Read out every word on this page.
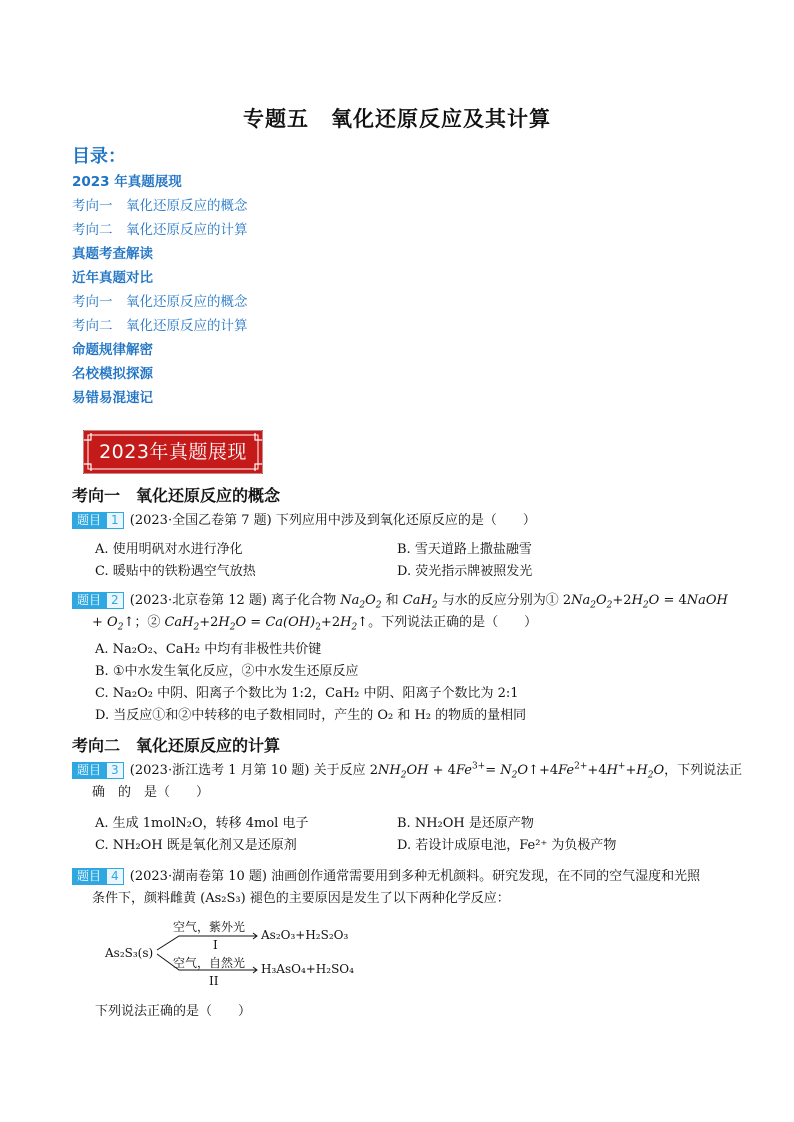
专题五　氧化还原反应及其计算
目录：
2023 年真题展现
考向一　氧化还原反应的概念
考向二　氧化还原反应的计算
真题考查解读
近年真题对比
考向一　氧化还原反应的概念
考向二　氧化还原反应的计算
命题规律解密
名校模拟探源
易错易混速记
2023年真题展现
考向一　氧化还原反应的概念
题目 1 (2023·全国乙卷第 7 题) 下列应用中涉及到氧化还原反应的是（　　）
A. 使用明矾对水进行净化	B. 雪天道路上撒盐融雪
C. 暖贴中的铁粉遇空气放热	D. 荧光指示牌被照发光
题目 2 (2023·北京卷第 12 题) 离子化合物 $Na_2O_2$ 和 CaH$_2$ 与水的反应分别为① $2Na_2O_2+2H_2O$ = 4NaOH
+ $O_2↑$；② $CaH_2+2H_2O$ = $Ca(OH)_2+2H_2↑$。下列说法正确的是（　　）
A. Na₂O₂、CaH₂ 中均有非极性共价键
B. ①中水发生氧化反应，②中水发生还原反应
C. Na₂O₂ 中阴、阳离子个数比为 1:2，CaH₂ 中阴、阳离子个数比为 2:1
D. 当反应①和②中转移的电子数相同时，产生的 O₂ 和 H₂ 的物质的量相同
考向二　氧化还原反应的计算
题目 3 (2023·浙江选考 1 月第 10 题) 关于反应 $2NH_2OH + 4Fe^{3+}=$ $N_2O↑+4Fe^{2+}+4H^++H_2O$，下列说法正
确　的　是（　　）
A. 生成 1molN₂O，转移 4mol 电子	B. NH₂OH 是还原产物
C. NH₂OH 既是氧化剂又是还原剂	D. 若设计成原电池，Fe²⁺ 为负极产物
题目 4 (2023·湖南卷第 10 题) 油画创作通常需要用到多种无机颜料。研究发现，在不同的空气湿度和光照
条件下，颜料雌黄 (As₂S₃) 褪色的主要原因是发生了以下两种化学反应：
As₂S₃(s)
空气，紫外光
I
As₂O₃+H₂S₂O₃
空气，自然光
II
H₃AsO₄+H₂SO₄
下列说法正确的是（　　）
